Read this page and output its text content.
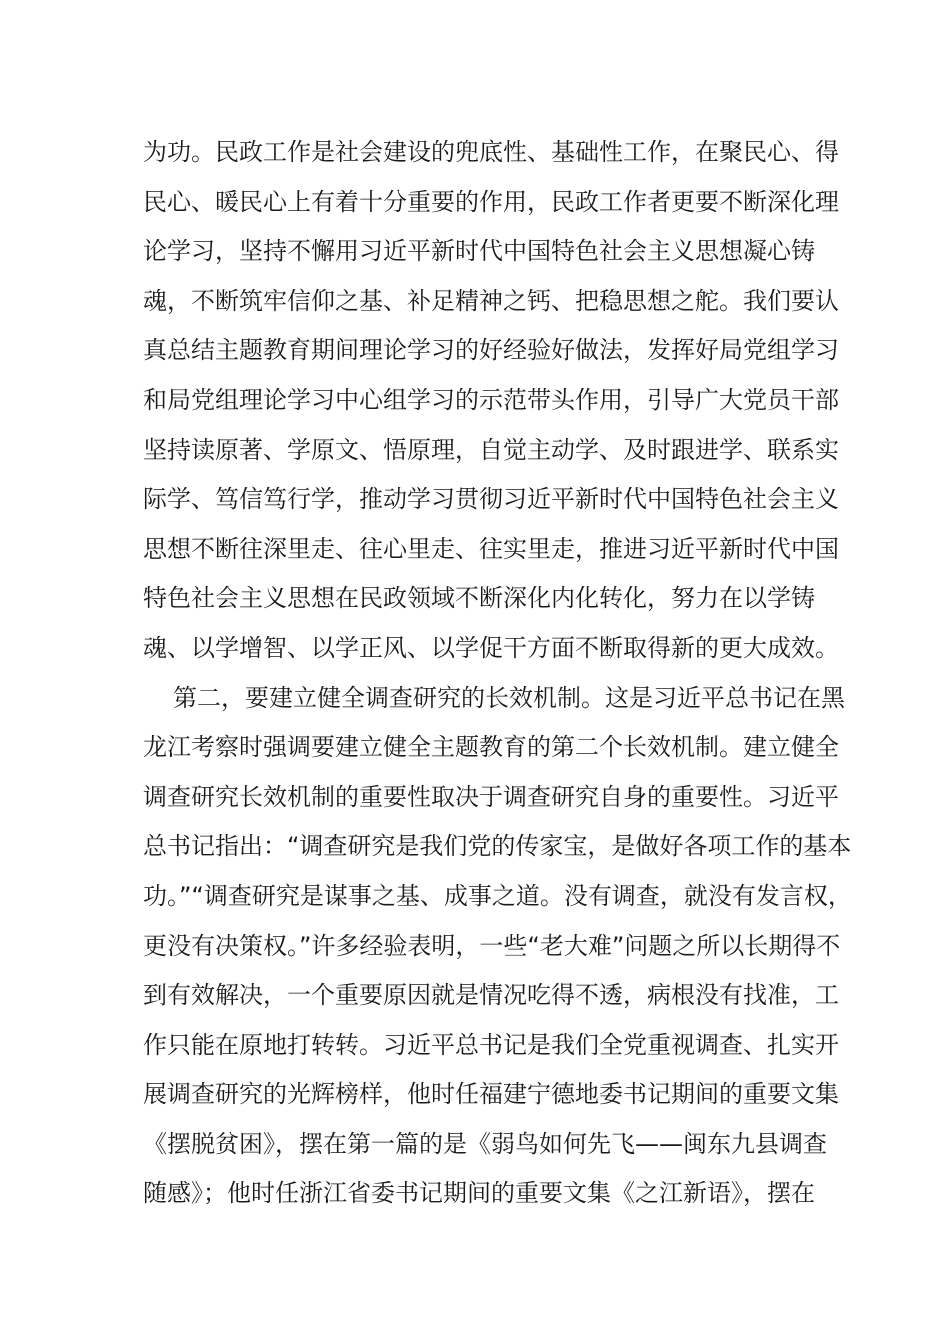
为功。民政工作是社会建设的兜底性、基础性工作，在聚民心、得
民心、暖民心上有着十分重要的作用，民政工作者更要不断深化理
论学习，坚持不懈用习近平新时代中国特色社会主义思想凝心铸
魂，不断筑牢信仰之基、补足精神之钙、把稳思想之舵。我们要认
真总结主题教育期间理论学习的好经验好做法，发挥好局党组学习
和局党组理论学习中心组学习的示范带头作用，引导广大党员干部
坚持读原著、学原文、悟原理，自觉主动学、及时跟进学、联系实
际学、笃信笃行学，推动学习贯彻习近平新时代中国特色社会主义
思想不断往深里走、往心里走、往实里走，推进习近平新时代中国
特色社会主义思想在民政领域不断深化内化转化，努力在以学铸
魂、以学增智、以学正风、以学促干方面不断取得新的更大成效。
第二，要建立健全调查研究的长效机制。这是习近平总书记在黑
龙江考察时强调要建立健全主题教育的第二个长效机制。建立健全
调查研究长效机制的重要性取决于调查研究自身的重要性。习近平
总书记指出：“调查研究是我们党的传家宝，是做好各项工作的基本
功。”“调查研究是谋事之基、成事之道。没有调查，就没有发言权，
更没有决策权。”许多经验表明，一些“老大难”问题之所以长期得不
到有效解决，一个重要原因就是情况吃得不透，病根没有找准，工
作只能在原地打转转。习近平总书记是我们全党重视调查、扎实开
展调查研究的光辉榜样，他时任福建宁德地委书记期间的重要文集
《摆脱贫困》，摆在第一篇的是《弱鸟如何先飞——闽东九县调查
随感》；他时任浙江省委书记期间的重要文集《之江新语》，摆在
